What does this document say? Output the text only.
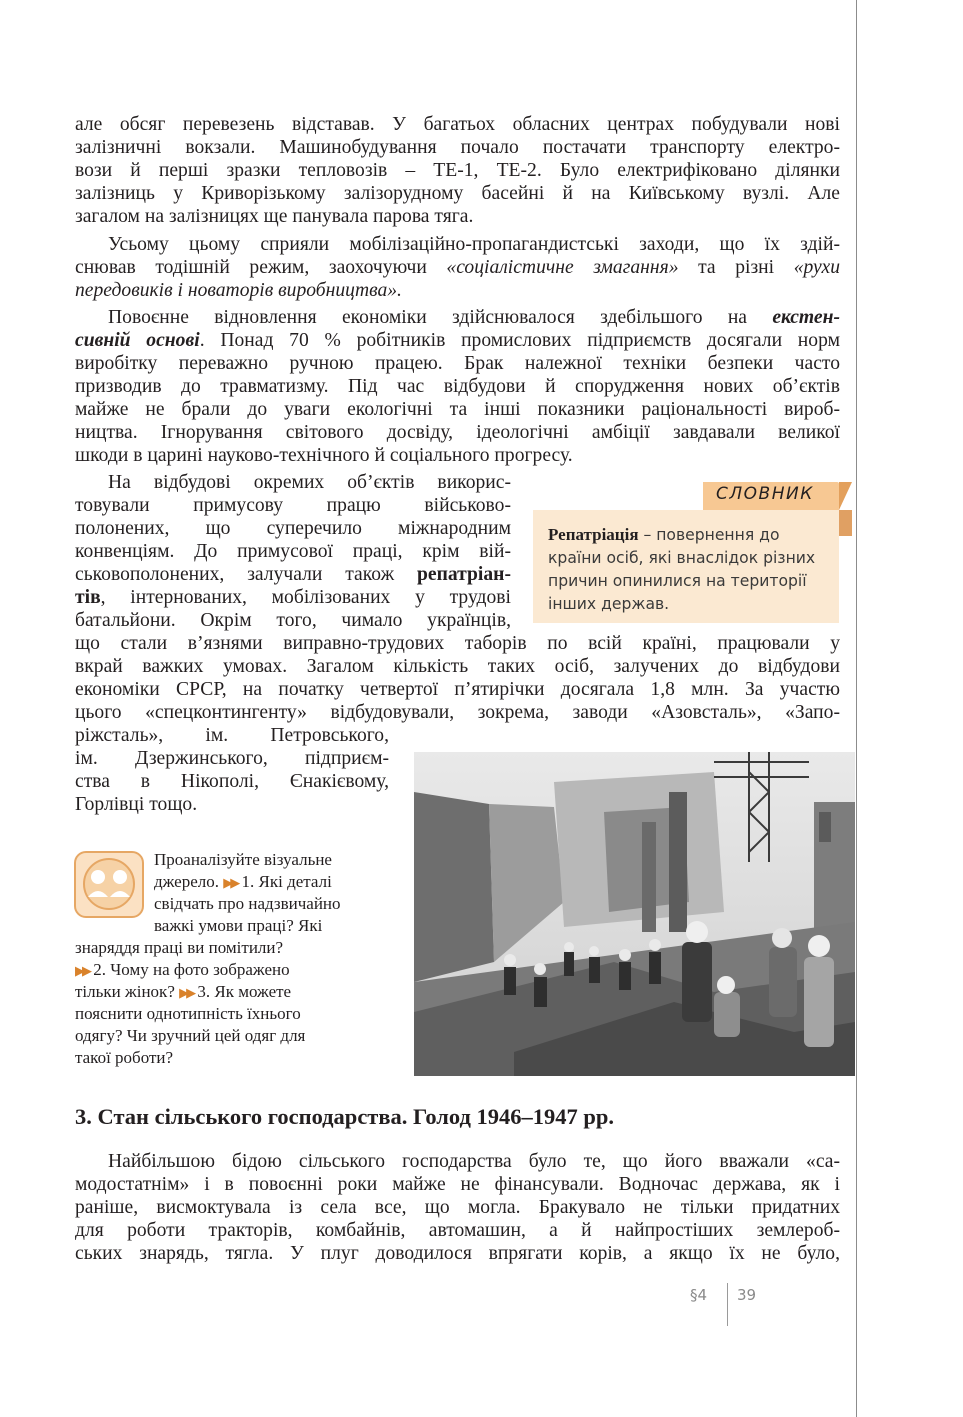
але обсяг перевезень відставав. У багатьох обласних центрах побудували нові

залізничні вокзали. Машинобудування почало постачати транспорту електро-

вози й перші зразки тепловозів – ТЕ-1, ТЕ-2. Було електрифіковано ділянки

залізниць у Криворізькому залізорудному басейні й на Київському вузлі. Але

загалом на залізницях ще панувала парова тяга.

Усьому цьому сприяли мобілізаційно-пропагандистські заходи, що їх здій-

снював тодішній режим, заохочуючи «соціалістичне змагання» та різні «рухи

передовиків і новаторів виробництва».

Повоєнне відновлення економіки здійснювалося здебільшого на екстен-

сивній основі. Понад 70 % робітників промислових підприємств досягали норм

виробітку переважно ручною працею. Брак належної техніки безпеки часто

призводив до травматизму. Під час відбудови й спорудження нових об’єктів

майже не брали до уваги екологічні та інші показники раціональності вироб-

ництва. Ігнорування світового досвіду, ідеологічні амбіції завдавали великої

шкоди в царині науково-технічного й соціального прогресу.

На відбудові окремих об’єктів викорис-

товували примусову працю військово-

полонених, що суперечило міжнародним

конвенціям. До примусової праці, крім вій-

ськовополонених, залучали також репатріан-

тів, інтернованих, мобілізованих у трудові

батальйони. Окрім того, чимало українців,

що стали в’язнями виправно-трудових таборів по всій країні, працювали у

вкрай важких умовах. Загалом кількість таких осіб, залучених до відбудови

економіки СРСР, на початку четвертої п’ятирічки досягала 1,8 млн. За участю

цього «спецконтингенту» відбудовували, зокрема, заводи «Азовсталь», «Запо-

ріжсталь», ім. Петровського,

ім. Дзержинського, підприєм-

ства в Нікополі, Єнакієвому,

Горлівці тощо.

СЛОВНИК

Репатріація – повернення до країни осіб, які внаслідок різних причин опинилися на території інших держав.

Проаналізуйте візуальне

джерело. ▶▶ 1. Які деталі

свідчать про надзвичайно

важкі умови праці? Які

знаряддя праці ви помітили?

▶▶ 2. Чому на фото зображено

тільки жінок? ▶▶ 3. Як можете

пояснити однотипність їхнього

одягу? Чи зручний цей одяг для

такої роботи?

3. Стан сільського господарства. Голод 1946–1947 рр.

Найбільшою бідою сільського господарства було те, що його вважали «са-

модостатнім» і в повоєнні роки майже не фінансували. Водночас держава, як і

раніше, висмоктувала із села все, що могла. Бракувало не тільки придатних

для роботи тракторів, комбайнів, автомашин, а й найпростіших землероб-

ських знарядь, тягла. У плуг доводилося впрягати корів, а якщо їх не було,

§4 39
